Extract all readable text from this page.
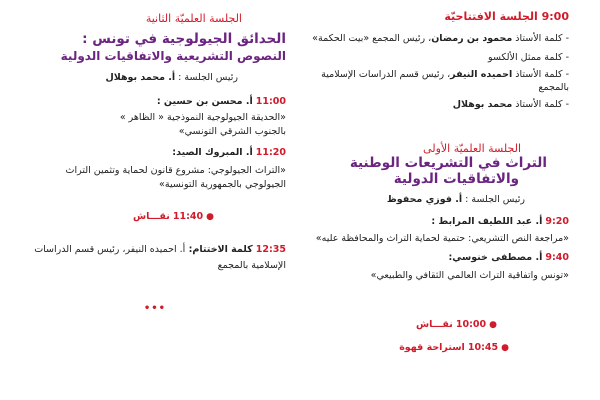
9:00 الجلسة الافتتاحيّة
- كلمة الأستاذ محمود بن رمضان، رئيس المجمع «بيت الحكمة»
- كلمة ممثل الألكسو
- كلمة الأستاذ احميده النيفر، رئيس قسم الدراسات الإسلامية بالمجمع
- كلمة الأستاذ محمد بوهلال
الجلسة العلميّة الأولى
التراث في التشريعات الوطنية
والاتفاقيات الدولية
رئيس الجلسة : أ. فوزي محفوظ
9:20 أ. عبد اللطيف المرابط :
«مراجعة النص التشريعي: حتمية لحماية التراث والمحافظة عليه»
9:40 أ. مصطفى خنوسي:
«تونس واتفاقية التراث العالمي الثقافي والطبيعي»
● 10:00 نقـــاش
● 10:45 استراحة قهوة
الجلسة العلميّة الثانية
الحدائق الجيولوجية في تونس :
النصوص التشريعية والاتفاقيات الدولية
رئيس الجلسة : أ. محمد بوهلال
11:00 أ. محسن بن حسين :
«الحديقة الجيولوجية النموذجية « الظاهر »
بالجنوب الشرقي التونسي»
11:20 أ. المبروك الصيد:
«التراث الجيولوجي: مشروع قانون لحماية وتثمين التراث
الجيولوجي بالجمهورية التونسية»
● 11:40 نقـــاش
12:35 كلمة الاختتام: أ. احميده النيفر، رئيس قسم الدراسات
الإسلامية بالمجمع
•••
